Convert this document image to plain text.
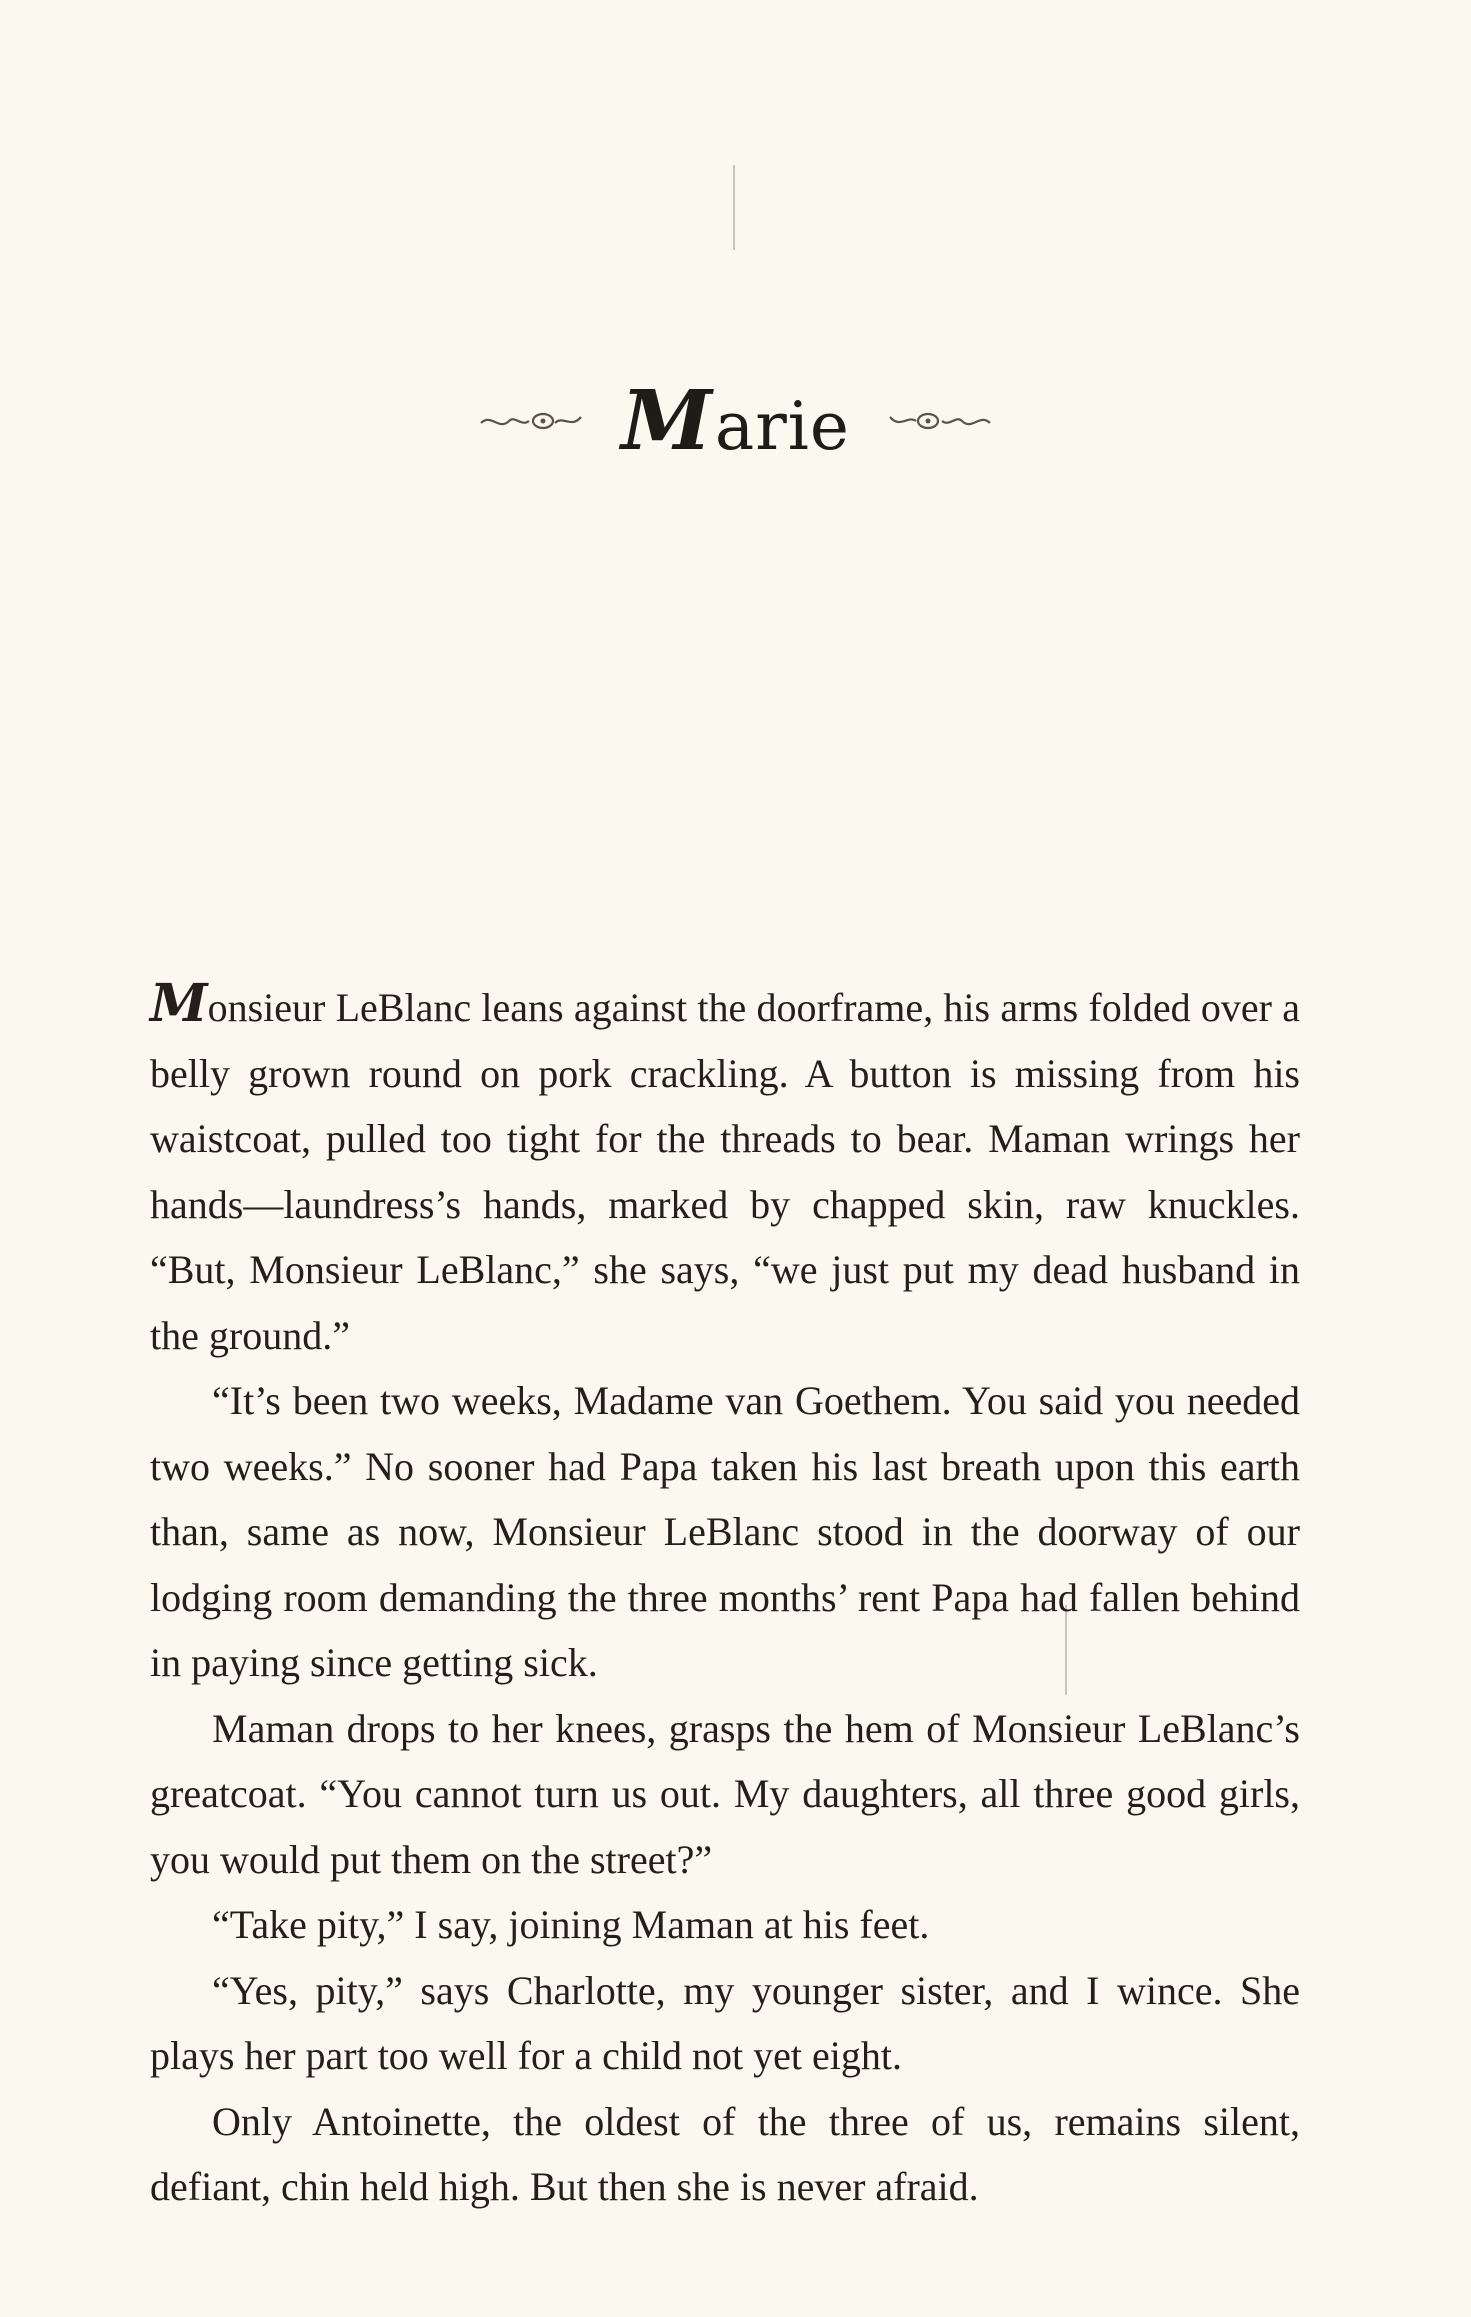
Marie

Monsieur LeBlanc leans against the doorframe, his arms folded over a belly grown round on pork crackling. A button is missing from his waistcoat, pulled too tight for the threads to bear. Maman wrings her hands—laundress’s hands, marked by chapped skin, raw knuckles. “But, Monsieur LeBlanc,” she says, “we just put my dead husband in the ground.”

“It’s been two weeks, Madame van Goethem. You said you needed two weeks.” No sooner had Papa taken his last breath upon this earth than, same as now, Monsieur LeBlanc stood in the doorway of our lodging room demanding the three months’ rent Papa had fallen behind in paying since getting sick.

Maman drops to her knees, grasps the hem of Monsieur LeBlanc’s greatcoat. “You cannot turn us out. My daughters, all three good girls, you would put them on the street?”

“Take pity,” I say, joining Maman at his feet.

“Yes, pity,” says Charlotte, my younger sister, and I wince. She plays her part too well for a child not yet eight.

Only Antoinette, the oldest of the three of us, remains silent, defiant, chin held high. But then she is never afraid.
